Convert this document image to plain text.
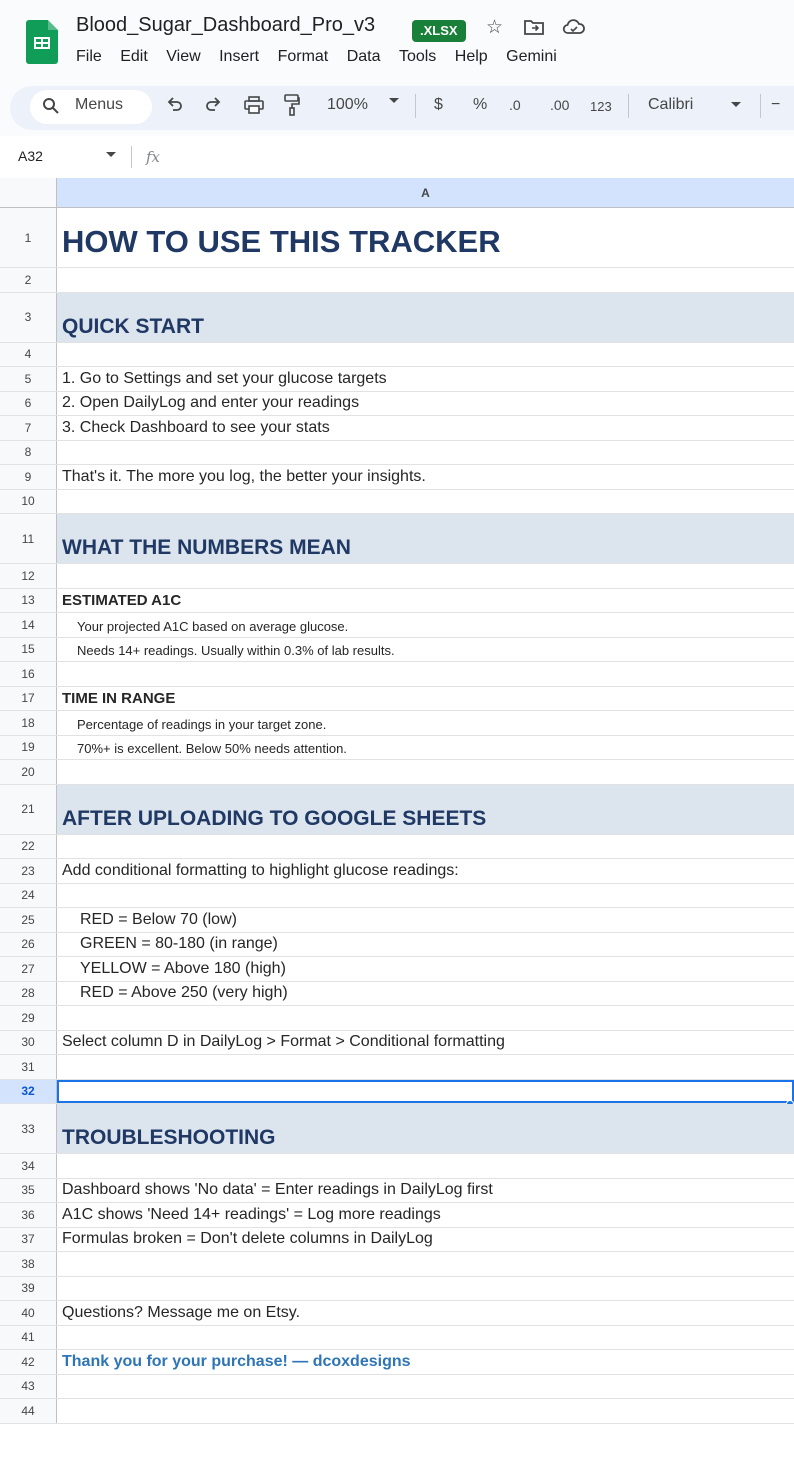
Blood_Sugar_Dashboard_Pro_v3	.XLSX	☆
File Edit View Insert Format Data Tools Help Gemini
Menus	100%	$ % .0 .00 123 Calibri	−
A32	fx
A
1 HOW TO USE THIS TRACKER
2
3	QUICK START
4
5	1. Go to Settings and set your glucose targets
6	2. Open DailyLog and enter your readings
7	3. Check Dashboard to see your stats
8
9	That's it. The more you log, the better your insights.
10
11	WHAT THE NUMBERS MEAN
12
13	ESTIMATED A1C
14	Your projected A1C based on average glucose.
15	Needs 14+ readings. Usually within 0.3% of lab results.
16
17	TIME IN RANGE
18	Percentage of readings in your target zone.
19	70%+ is excellent. Below 50% needs attention.
20
21	AFTER UPLOADING TO GOOGLE SHEETS
22
23	Add conditional formatting to highlight glucose readings:
24
25	RED = Below 70 (low)
26	GREEN = 80-180 (in range)
27	YELLOW = Above 180 (high)
28	RED = Above 250 (very high)
29
30	Select column D in DailyLog > Format > Conditional formatting
31
32
33	TROUBLESHOOTING
34
35	Dashboard shows 'No data' = Enter readings in DailyLog first
36	A1C shows 'Need 14+ readings' = Log more readings
37	Formulas broken = Don't delete columns in DailyLog
38
39
40	Questions? Message me on Etsy.
41
42	Thank you for your purchase! — dcoxdesigns
43
44
